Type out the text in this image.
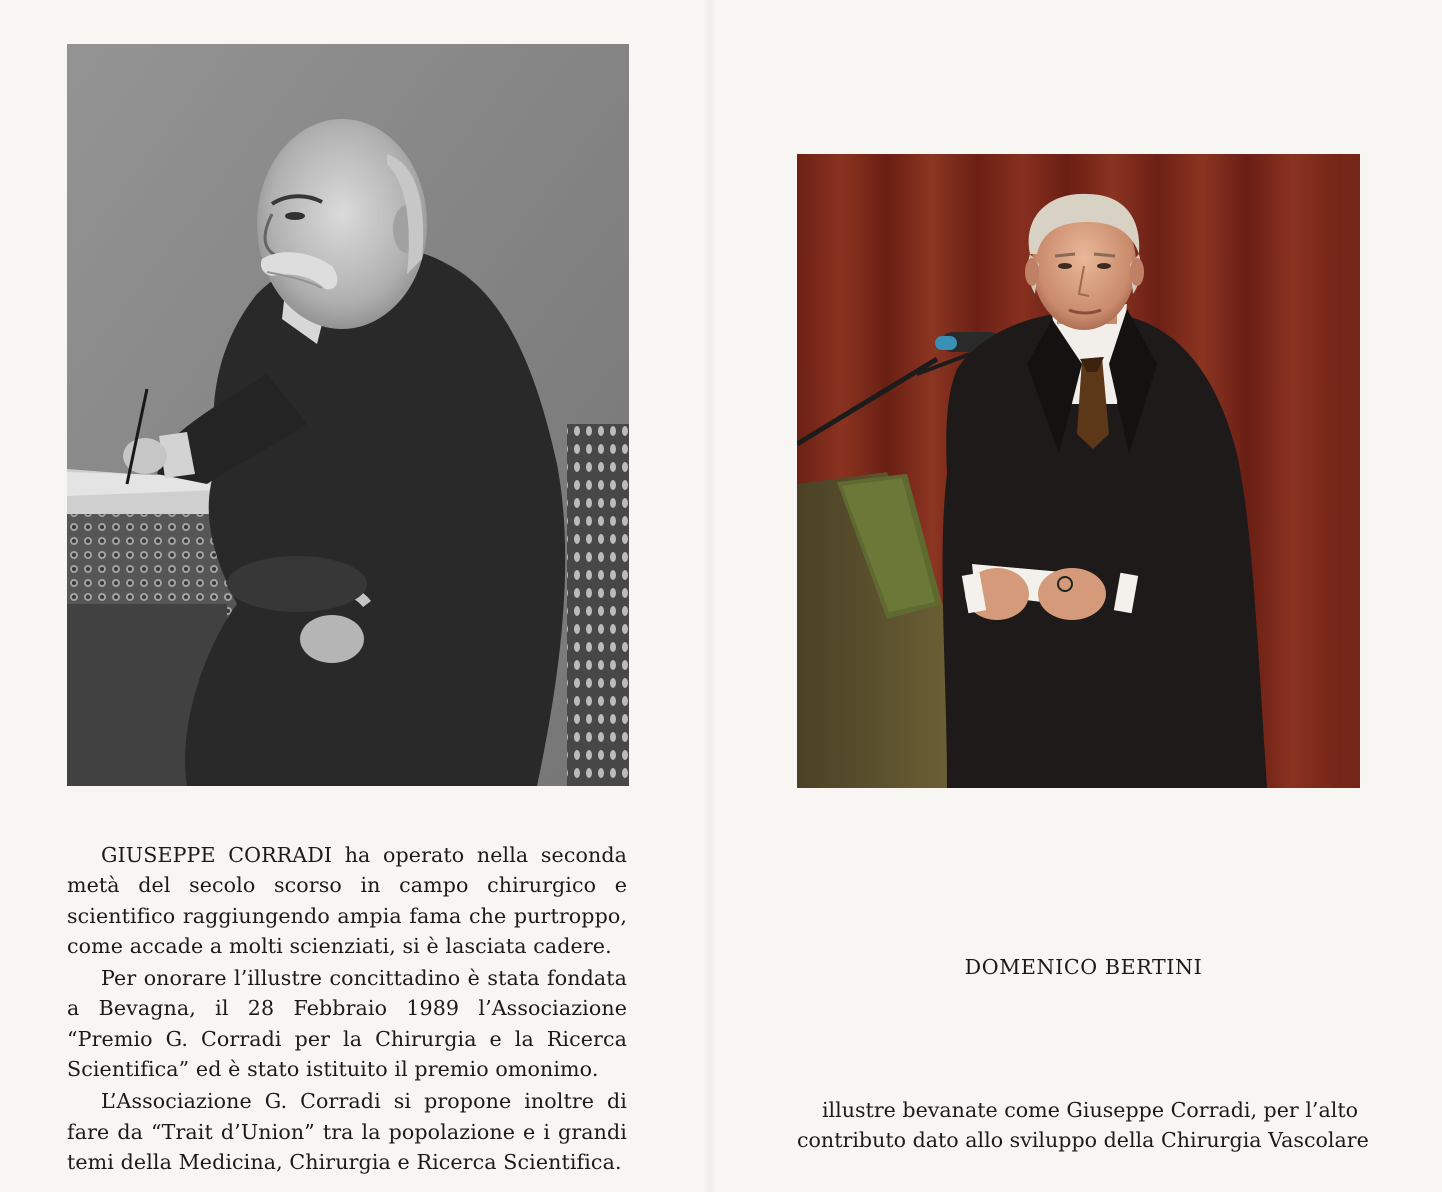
GIUSEPPE CORRADI ha operato nella seconda metà del secolo scorso in campo chirurgico e scientifico raggiungendo ampia fama che purtroppo, come accade a molti scienziati, si è lasciata cadere.

Per onorare l’illustre concittadino è stata fondata a Bevagna, il 28 Febbraio 1989 l’Associazione “Premio G. Corradi per la Chirurgia e la Ricerca Scientifica” ed è stato istituito il premio omonimo.

L’Associazione G. Corradi si propone inoltre di fare da “Trait d’Union” tra la popolazione e i grandi temi della Medicina, Chirurgia e Ricerca Scientifica.

DOMENICO BERTINI
illustre bevanate come Giuseppe Corradi, per l’alto
contributo dato allo sviluppo della Chirurgia Vascolare
